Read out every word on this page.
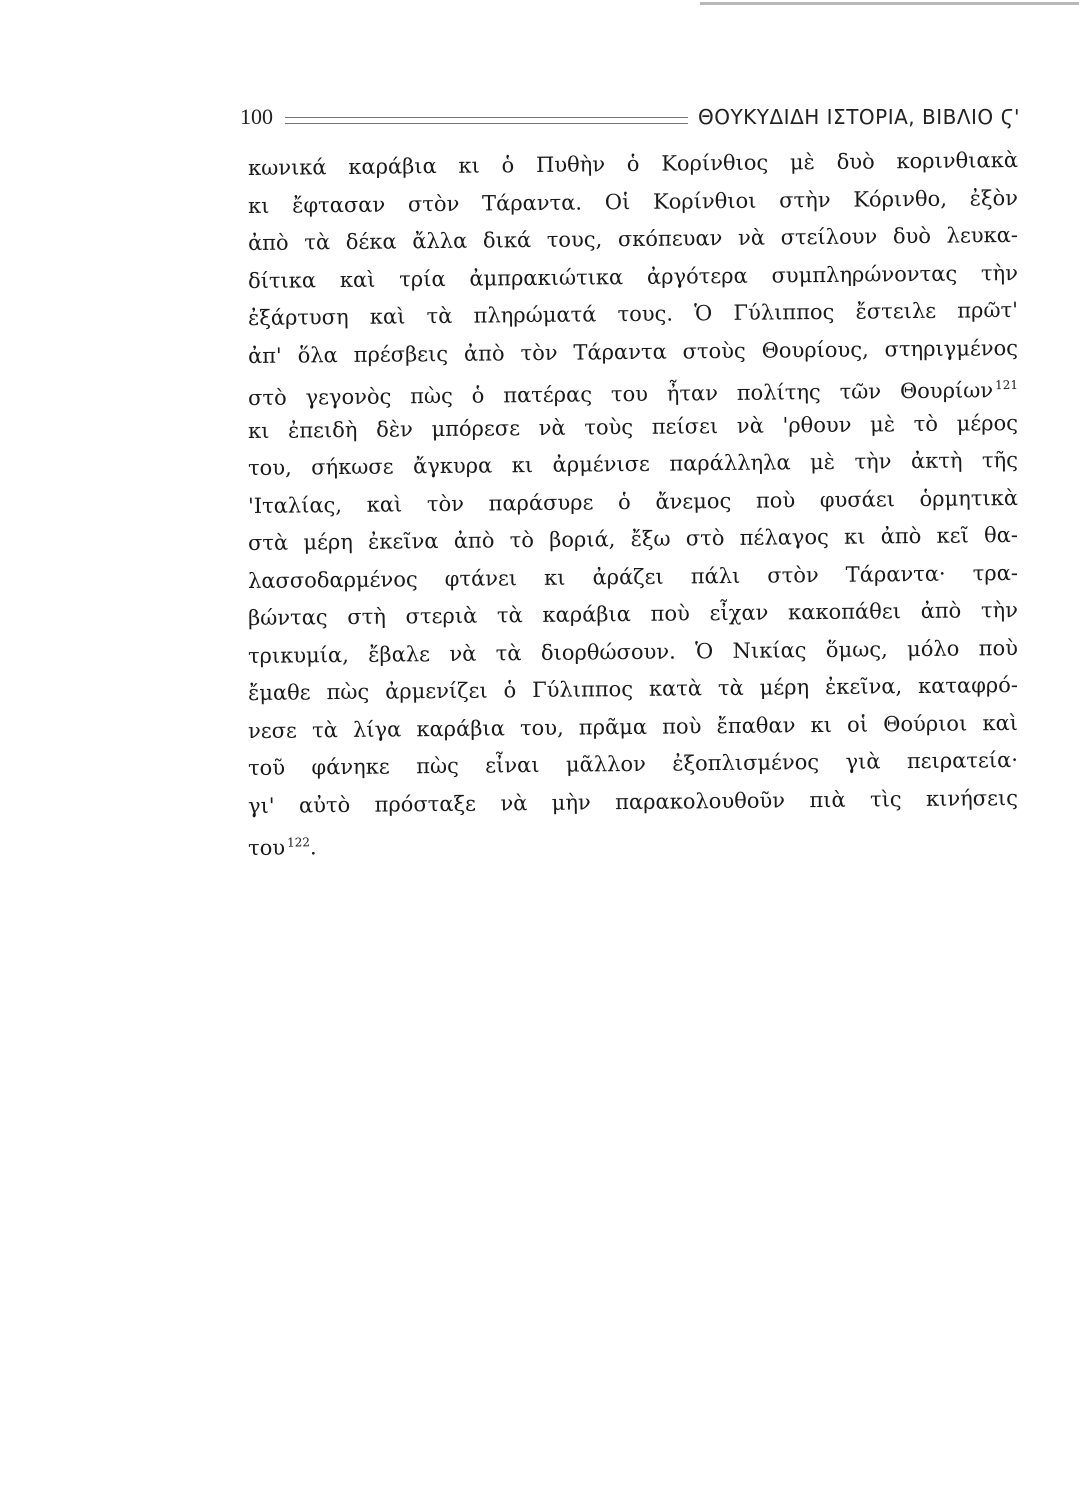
100	ΘΟΥΚΥΔΙΔΗ ΙΣΤΟΡΙΑ, ΒΙΒΛΙΟ Ϛ'
κωνικά καράβια κι ὁ Πυθὴν ὁ Κορίνθιος μὲ δυὸ κορινθιακὰ
κι ἔφτασαν στὸν Τάραντα. Οἱ Κορίνθιοι στὴν Κόρινθο, ἐξὸν
ἀπὸ τὰ δέκα ἄλλα δικά τους, σκόπευαν νὰ στείλουν δυὸ λευκα-
δίτικα καὶ τρία ἀμπρακιώτικα ἀργότερα συμπληρώνοντας τὴν
ἐξάρτυση καὶ τὰ πληρώματά τους. Ὁ Γύλιππος ἔστειλε πρῶτ'
ἀπ' ὅλα πρέσβεις ἀπὸ τὸν Τάραντα στοὺς Θουρίους, στηριγμένος
στὸ γεγονὸς πὼς ὁ πατέρας του ἦταν πολίτης τῶν Θουρίων $^{121}$
κι ἐπειδὴ δὲν μπόρεσε νὰ τοὺς πείσει νὰ 'ρθουν μὲ τὸ μέρος
του, σήκωσε ἄγκυρα κι ἀρμένισε παράλληλα μὲ τὴν ἀκτὴ τῆς
'Ιταλίας, καὶ τὸν παράσυρε ὁ ἄνεμος ποὺ φυσάει ὁρμητικὰ
στὰ μέρη ἐκεῖνα ἀπὸ τὸ βοριά, ἔξω στὸ πέλαγος κι ἀπὸ κεῖ θα-
λασσοδαρμένος φτάνει κι ἀράζει πάλι στὸν Τάραντα· τρα-
βώντας στὴ στεριὰ τὰ καράβια ποὺ εἶχαν κακοπάθει ἀπὸ τὴν
τρικυμία, ἔβαλε νὰ τὰ διορθώσουν. Ὁ Νικίας ὅμως, μόλο ποὺ
ἔμαθε πὼς ἀρμενίζει ὁ Γύλιππος κατὰ τὰ μέρη ἐκεῖνα, καταφρό-
νεσε τὰ λίγα καράβια του, πρᾶμα ποὺ ἔπαθαν κι οἱ Θούριοι καὶ
τοῦ φάνηκε πὼς εἶναι μᾶλλον ἐξοπλισμένος γιὰ πειρατεία·
γι' αὐτὸ πρόσταξε νὰ μὴν παρακολουθοῦν πιὰ τὶς κινήσεις
του $^{122}$.
